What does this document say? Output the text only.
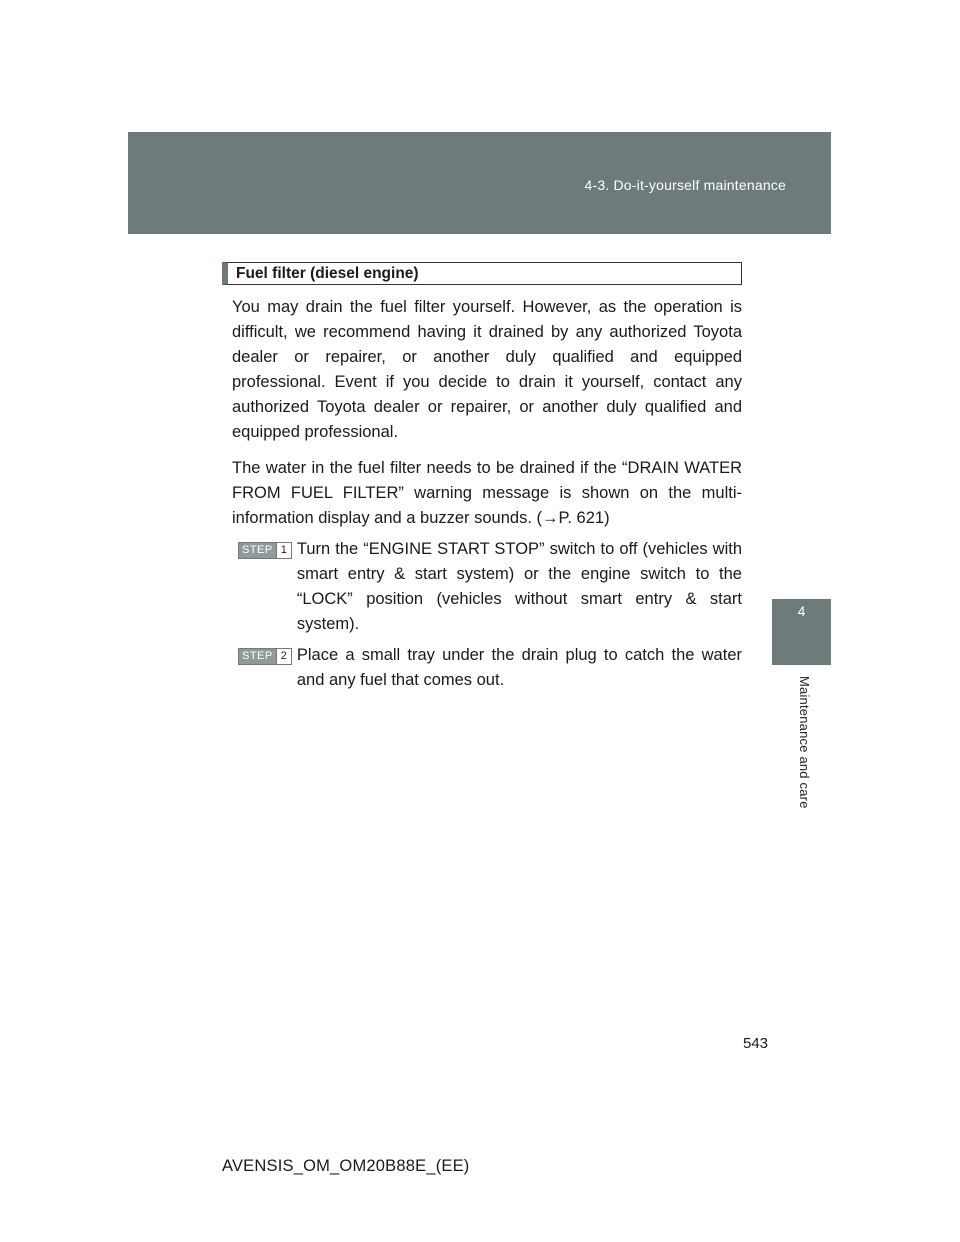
4-3. Do-it-yourself maintenance
4
Maintenance and care
Fuel filter (diesel engine)

You may drain the fuel filter yourself. However, as the operation is difficult, we recommend having it drained by any authorized Toyota dealer or repairer, or another duly qualified and equipped professional. Event if you decide to drain it yourself, contact any authorized Toyota dealer or repairer, or another duly qualified and equipped professional.

The water in the fuel filter needs to be drained if the “DRAIN WATER FROM FUEL FILTER” warning message is shown on the multi-information display and a buzzer sounds. (→P. 621)

STEP 1 Turn the “ENGINE START STOP” switch to off (vehicles with smart entry & start system) or the engine switch to the “LOCK” position (vehicles without smart entry & start system).
STEP 2 Place a small tray under the drain plug to catch the water and any fuel that comes out.
543
AVENSIS_OM_OM20B88E_(EE)
